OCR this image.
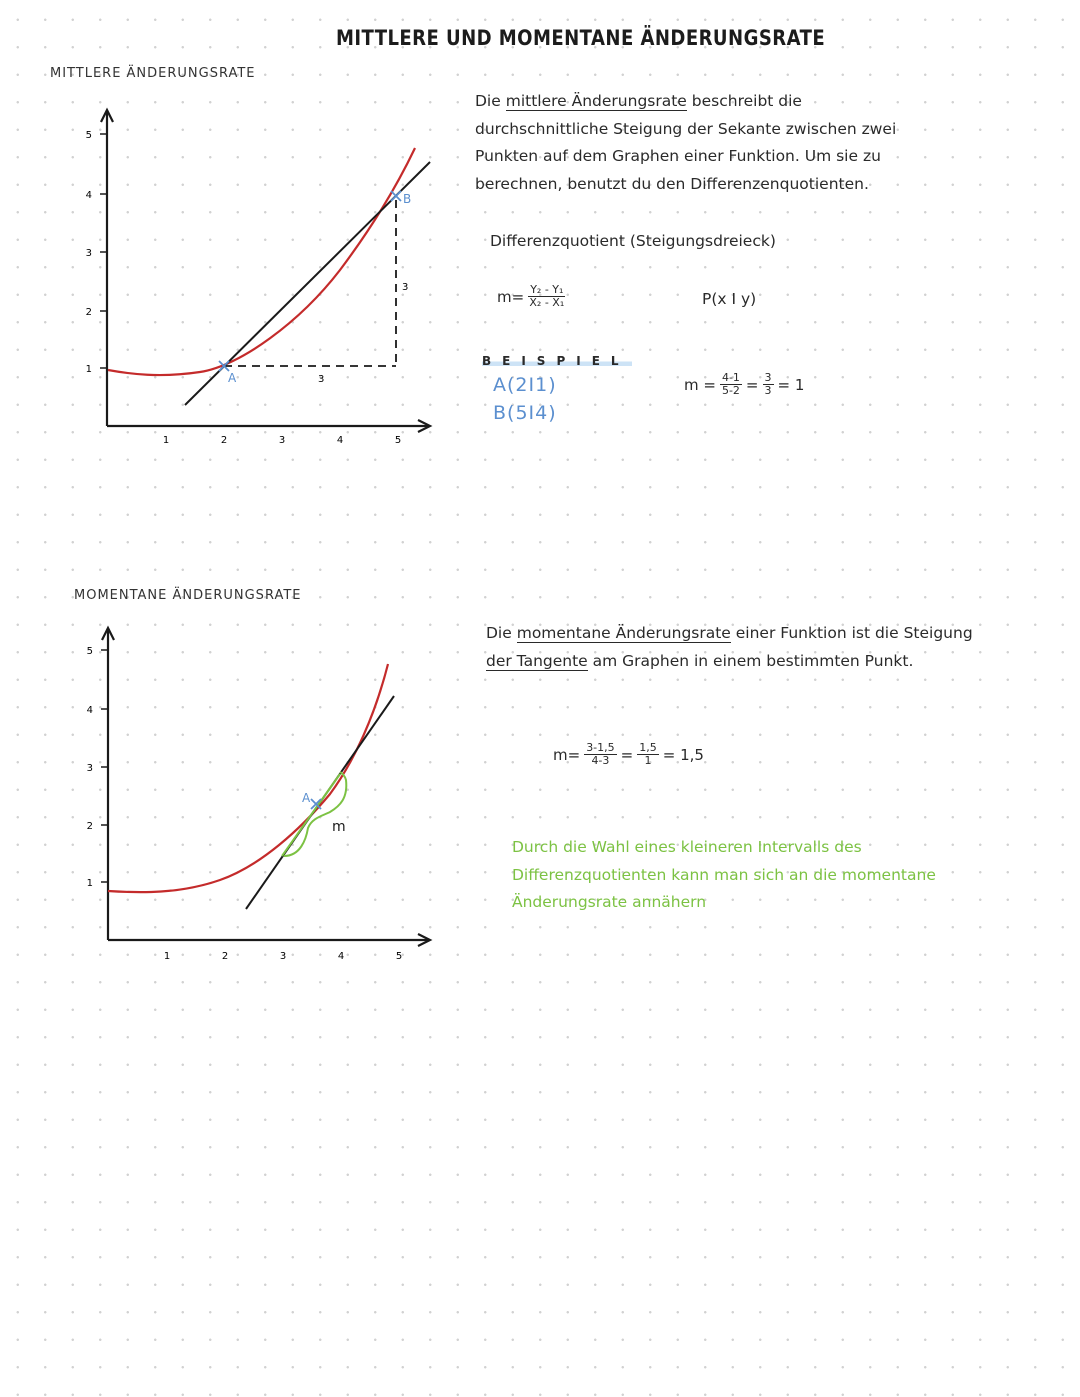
MITTLERE UND MOMENTANE ÄNDERUNGSRATE
MITTLERE ÄNDERUNGSRATE
5
4
3
2
1
1	2	3	4	5
3
3
A
B
Die mittlere Änderungsrate beschreibt die
durchschnittliche Steigung der Sekante zwischen zwei
Punkten auf dem Graphen einer Funktion. Um sie zu
berechnen, benutzt du den Differenzenquotienten.
Differenzquotient (Steigungsdreieck)
$m= \frac{\text{Y₂ - Y₁}}{\text{X₂ - X₁}}$	P(x I y)
BEISPIEL
A(2I1)
B(5I4)
$m = \frac{4-1}{5-2} = \frac{3}{3} = 1$
MOMENTANE ÄNDERUNGSRATE
5
4
3
2
1
1	2	3	4	5
A
m
Die momentane Änderungsrate einer Funktion ist die Steigung
der Tangente am Graphen in einem bestimmten Punkt.
$m= \frac{3-1,5}{4-3} = \frac{1,5}{1} = 1,5$
Durch die Wahl eines kleineren Intervalls des
Differenzquotienten kann man sich an die momentane
Änderungsrate annähern
